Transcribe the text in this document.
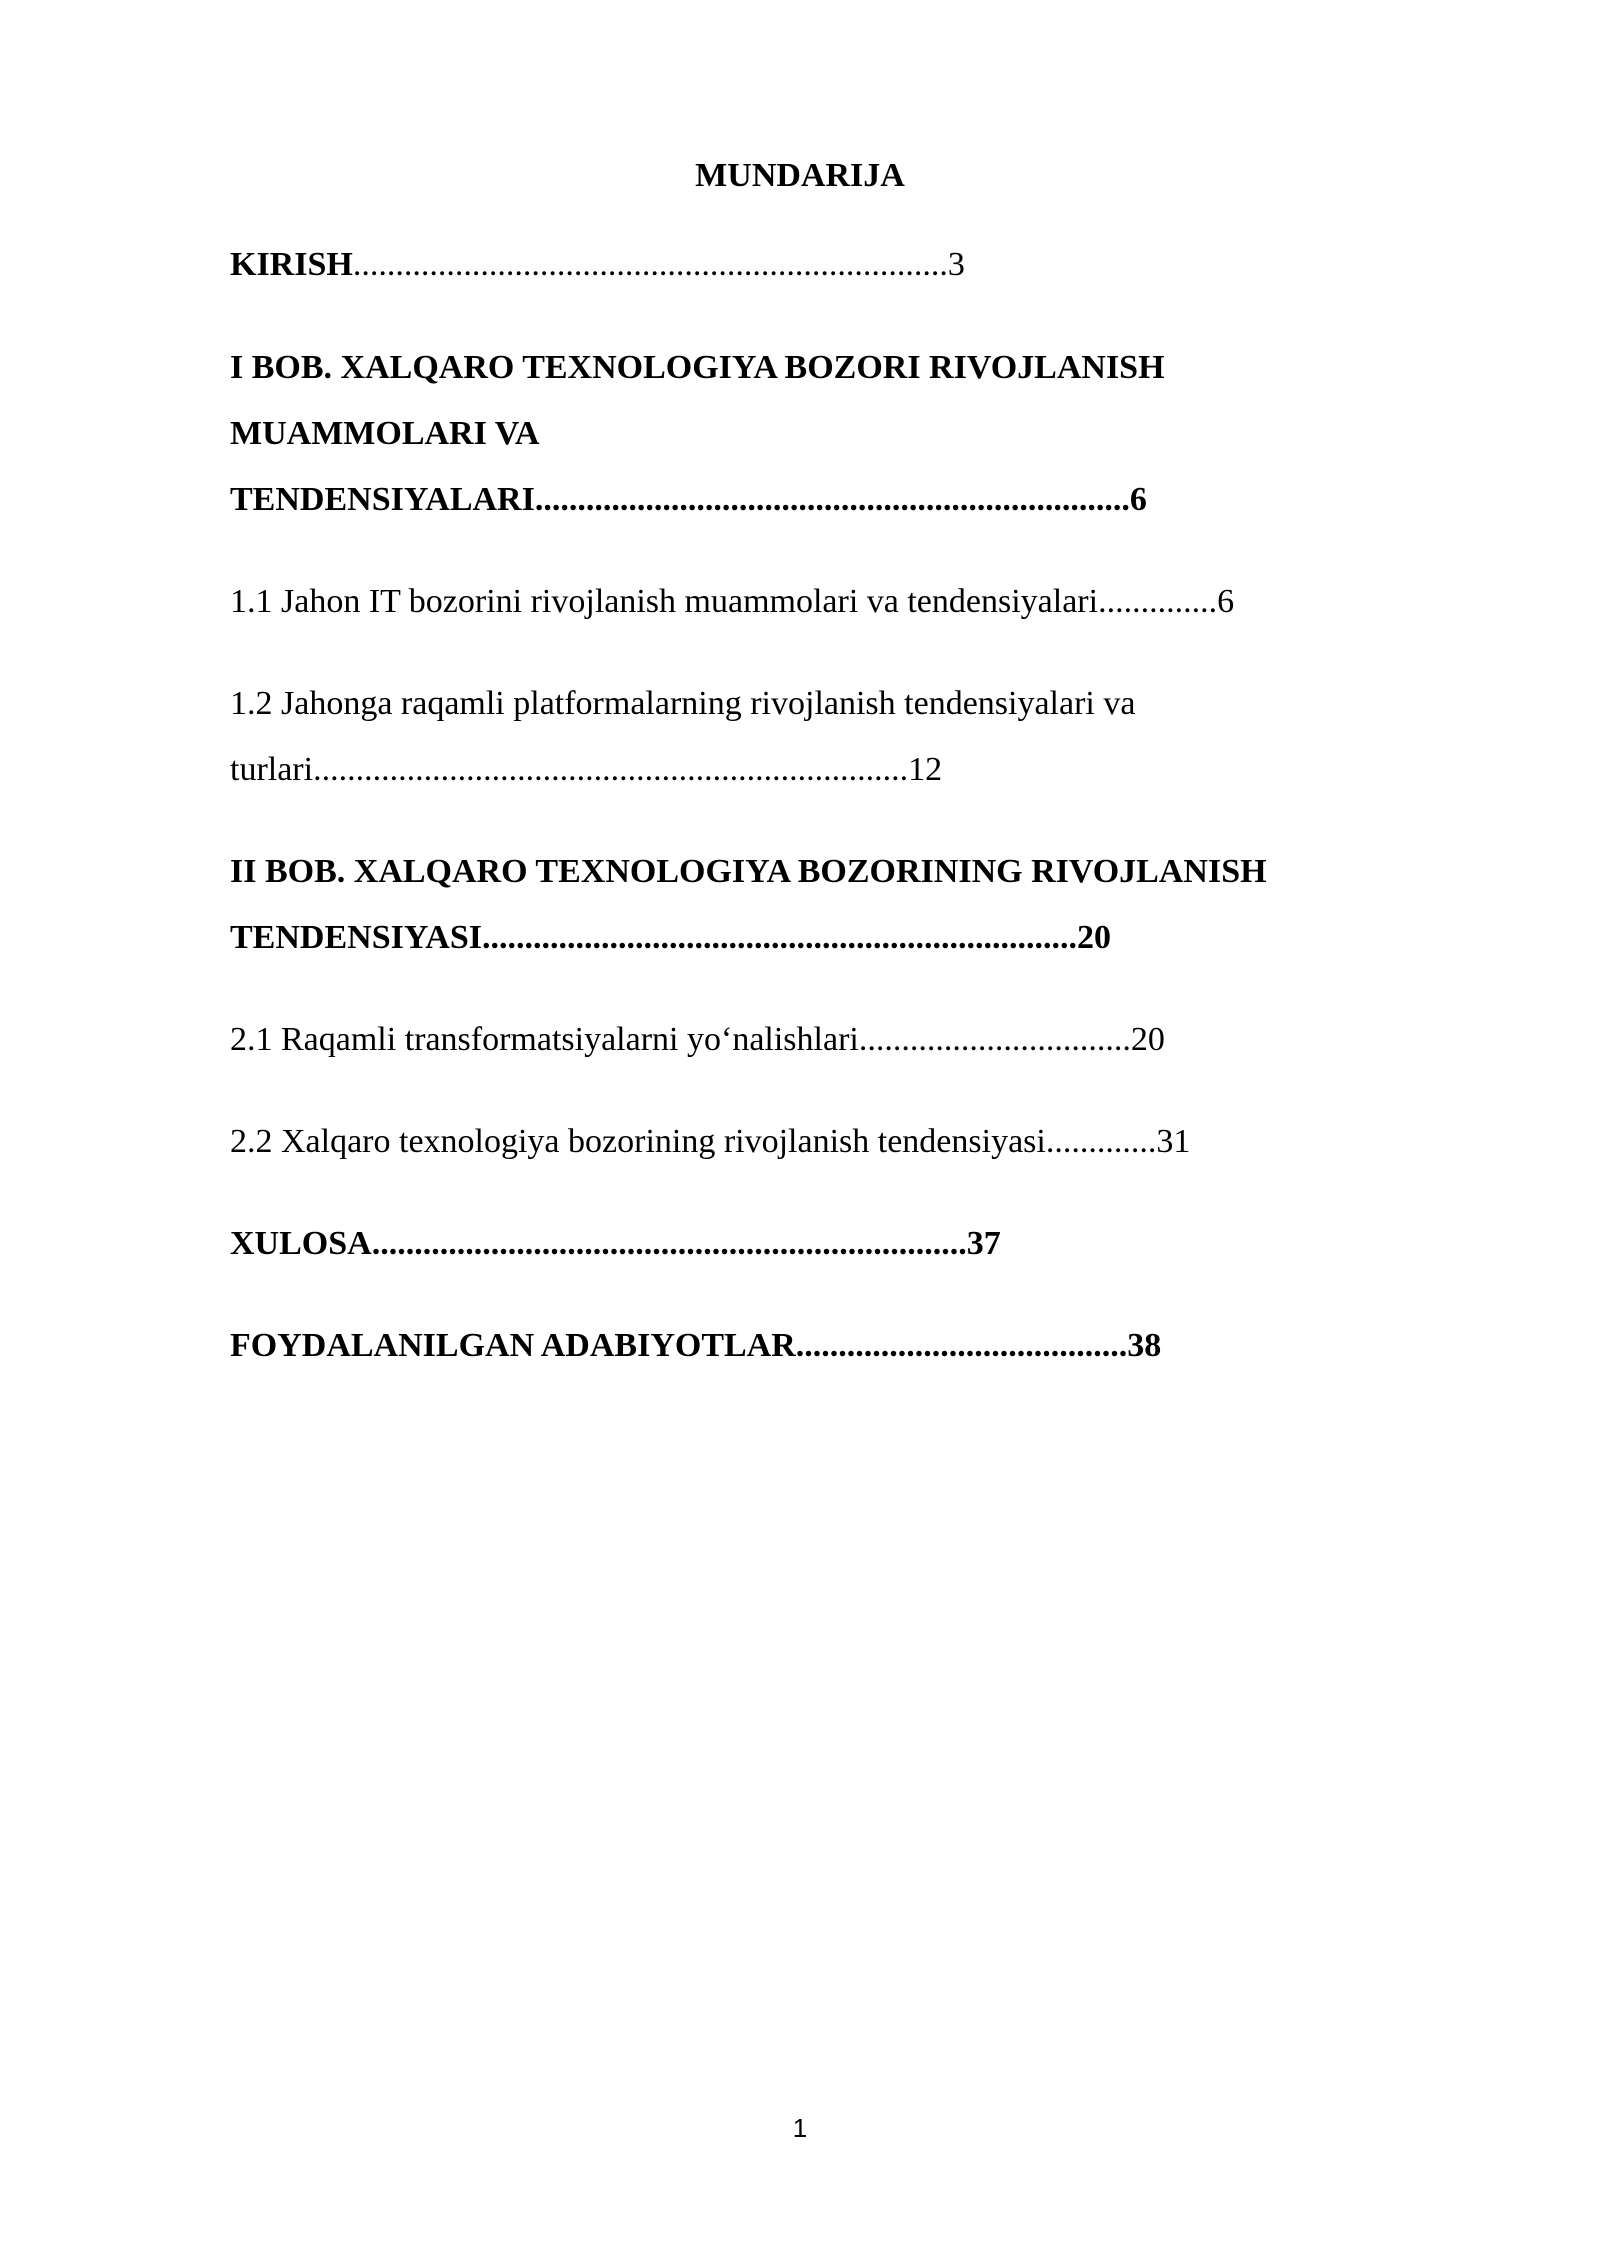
MUNDARIJA

KIRISH......................................................................3

I BOB. XALQARO TEXNOLOGIYA BOZORI RIVOJLANISH

MUAMMOLARI VA

TENDENSIYALARI......................................................................6

1.1 Jahon IT bozorini rivojlanish muammolari va tendensiyalari..............6

1.2 Jahonga raqamli platformalarning rivojlanish tendensiyalari va

turlari......................................................................12

II BOB. XALQARO TEXNOLOGIYA BOZORINING RIVOJLANISH

TENDENSIYASI......................................................................20

2.1 Raqamli transformatsiyalarni yo‘nalishlari................................20

2.2 Xalqaro texnologiya bozorining rivojlanish tendensiyasi.............31

XULOSA......................................................................37

FOYDALANILGAN ADABIYOTLAR.......................................38

1
